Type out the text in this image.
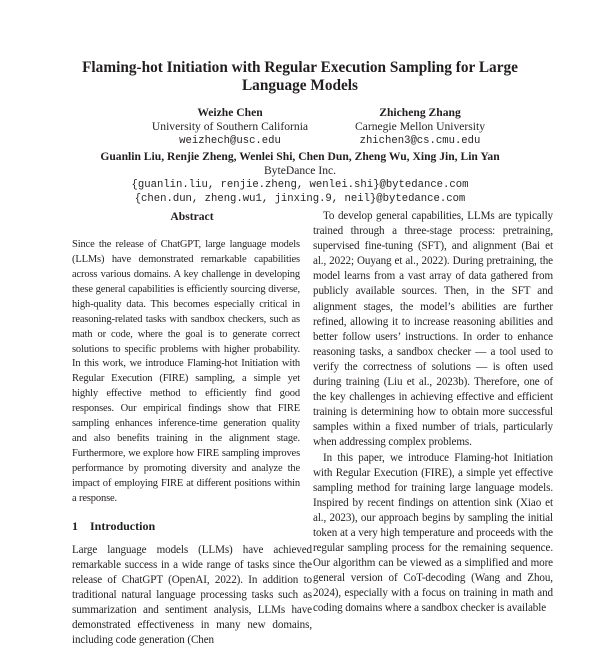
Flaming-hot Initiation with Regular Execution Sampling for Large Language Models
Weizhe Chen
University of Southern California
weizhech@usc.edu
Zhicheng Zhang
Carnegie Mellon University
zhichen3@cs.cmu.edu
Guanlin Liu, Renjie Zheng, Wenlei Shi, Chen Dun, Zheng Wu, Xing Jin, Lin Yan
ByteDance Inc.
{guanlin.liu, renjie.zheng, wenlei.shi}@bytedance.com
{chen.dun, zheng.wu1, jinxing.9, neil}@bytedance.com
Abstract

Since the release of ChatGPT, large language models (LLMs) have demonstrated remarkable capabilities across various domains. A key challenge in developing these general capabilities is efficiently sourcing diverse, high-quality data. This becomes especially critical in reasoning-related tasks with sandbox checkers, such as math or code, where the goal is to generate correct solutions to specific problems with higher probability. In this work, we introduce Flaming-hot Initiation with Regular Execution (FIRE) sampling, a simple yet highly effective method to efficiently find good responses. Our empirical findings show that FIRE sampling enhances inference-time generation quality and also benefits training in the alignment stage. Furthermore, we explore how FIRE sampling improves performance by promoting diversity and analyze the impact of employing FIRE at different positions within a response.

1 Introduction

Large language models (LLMs) have achieved remarkable success in a wide range of tasks since the release of ChatGPT (OpenAI, 2022). In addition to traditional natural language processing tasks such as summarization and sentiment analysis, LLMs have demonstrated effectiveness in many new domains, including code generation (Chen

To develop general capabilities, LLMs are typically trained through a three-stage process: pretraining, supervised fine-tuning (SFT), and alignment (Bai et al., 2022; Ouyang et al., 2022). During pretraining, the model learns from a vast array of data gathered from publicly available sources. Then, in the SFT and alignment stages, the model’s abilities are further refined, allowing it to increase reasoning abilities and better follow users’ instructions. In order to enhance reasoning tasks, a sandbox checker — a tool used to verify the correctness of solutions — is often used during training (Liu et al., 2023b). Therefore, one of the key challenges in achieving effective and efficient training is determining how to obtain more successful samples within a fixed number of trials, particularly when addressing complex problems.

In this paper, we introduce Flaming-hot Initiation with Regular Execution (FIRE), a simple yet effective sampling method for training large language models. Inspired by recent findings on attention sink (Xiao et al., 2023), our approach begins by sampling the initial token at a very high temperature and proceeds with the regular sampling process for the remaining sequence. Our algorithm can be viewed as a simplified and more general version of CoT-decoding (Wang and Zhou, 2024), especially with a focus on training in math and coding domains where a sandbox checker is available
